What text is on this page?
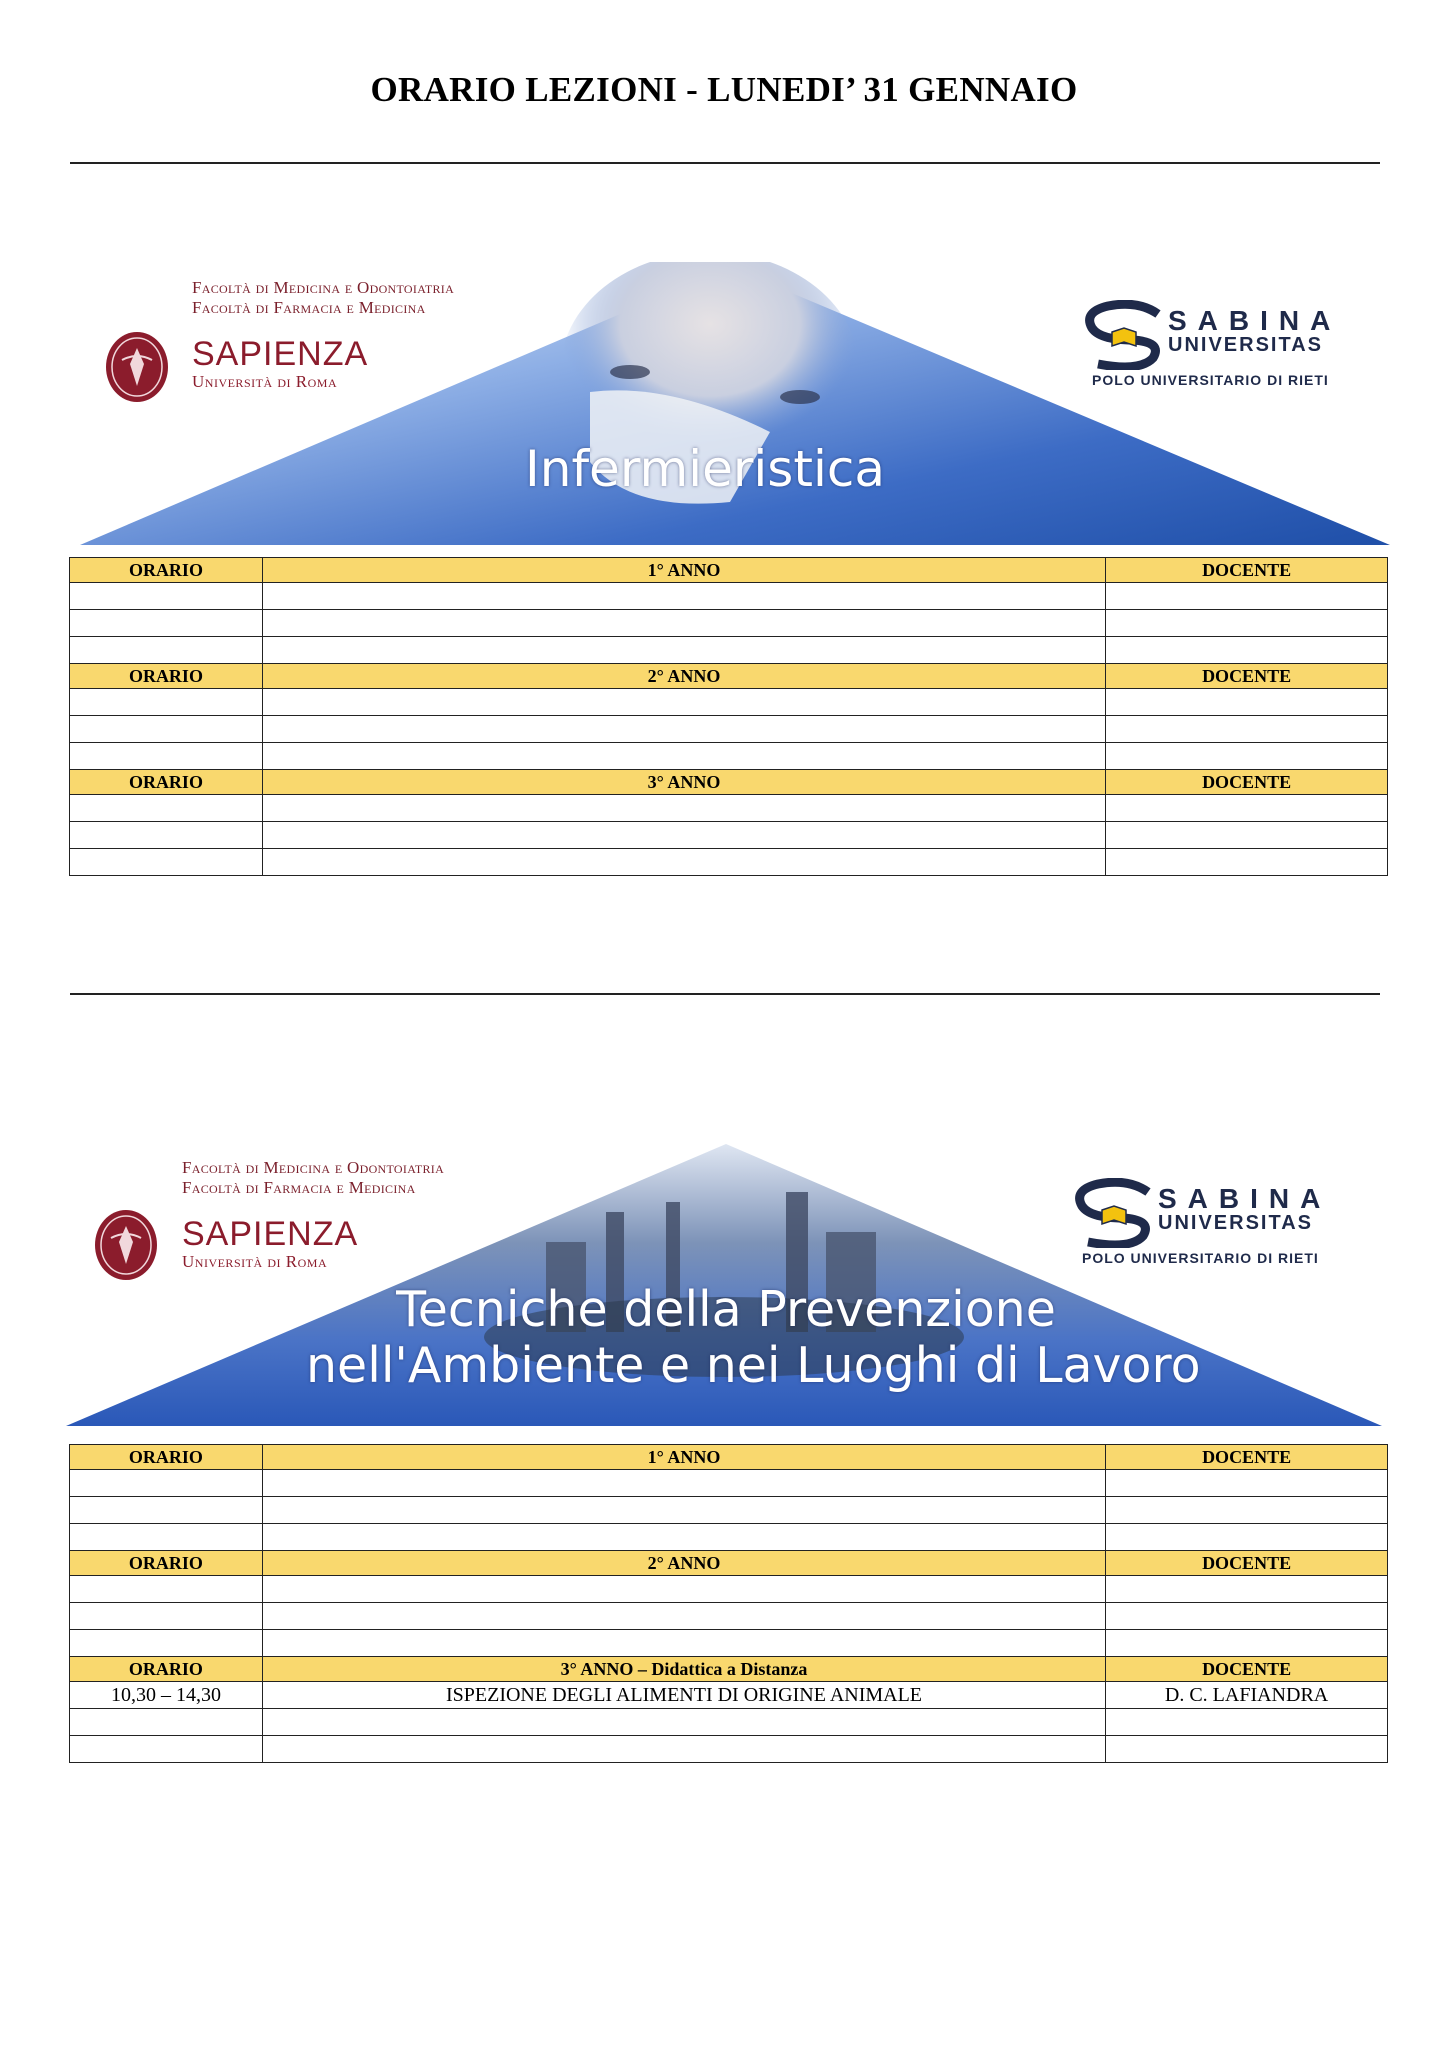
ORARIO LEZIONI - LUNEDI’ 31 GENNAIO
Infermieristica
Facoltà di Medicina e Odontoiatria
Facoltà di Farmacia e Medicina
SAPIENZA
Università di Roma
SABINA
UNIVERSITAS
POLO UNIVERSITARIO DI RIETI
ORARIO	1° ANNO	DOCENTE

ORARIO	2° ANNO	DOCENTE

ORARIO	3° ANNO	DOCENTE

Tecniche della Prevenzione
nell'Ambiente e nei Luoghi di Lavoro
Facoltà di Medicina e Odontoiatria
Facoltà di Farmacia e Medicina
SAPIENZA
Università di Roma
SABINA
UNIVERSITAS
POLO UNIVERSITARIO DI RIETI
ORARIO	1° ANNO	DOCENTE

ORARIO	2° ANNO	DOCENTE

ORARIO	3° ANNO – Didattica a Distanza	DOCENTE
10,30 – 14,30	ISPEZIONE DEGLI ALIMENTI DI ORIGINE ANIMALE	D. C. LAFIANDRA
